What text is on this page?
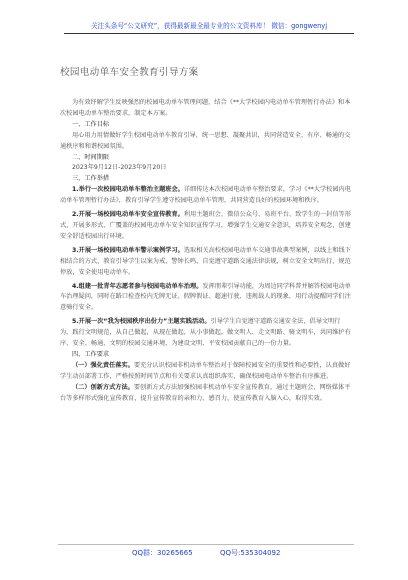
关注头条号“公文研究”，获得最新最全最专业的公文资料库！ 微信：gongwenyj
校园电动单车安全教育引导方案

为有效纾解学生反映强烈的校园电动单车管理问题，结合《**大学校园内电动单车管理暂行办法》和本次校园电动单车整治要求，制定本方案。

一、工作目标

用心用力用情做好学生校园电动单车教育引导，统一思想、凝聚共识，共同营造安全、有序、畅通的交通秩序和和谐校园氛围。

二、时间期限

2023年9月12日-2023年9月20日

三、工作举措

1.举行一次校园电动单车整治主题班会。详细传达本次校园电动单车整治要求，学习《**大学校园内电动单车管理暂行办法》，教育引导学生遵守校园电动单车管理，共同营造良好的校园环境和秩序。

2.开展一场校园电动单车安全宣传教育。利用主题班会，微信公众号、易班平台、致学生的一封信等形式，开展多形式、广覆盖的校园电动单车安全知识宣传学习，增强学生交通安全意识，培养安全观念，创建安全舒适校园出行环境。

3.开展一场校园电动单车警示案例学习。选取相关高校校园电动单车交通事故典型案例，以线上和线下相结合的方式，教育引导学生以案为戒、警钟长鸣，自觉遵守道路交通法律法规，树立安全文明出行，规范停放，安全使用电动单车。

4.组建一批青年志愿者参与校园电动单车治理。发挥朋辈引导功能，为周边同学科普并解答校园电动单车治理疑问，同时在路口检查校内无牌无证、假牌假证、超速行驶、违规载人的现象，用行动提醒同学们注意骑行安全。

5.开展一次“我为校园秩序出份力”主题实践活动。引导学生自觉遵守道路交通安全法，倡导文明行为，践行文明规范，从自己做起，从现在做起，从小事做起，做文明人、走文明路、骑文明车，共同维护有序、安全、畅通、文明的校园交通环境，为建设文明、平安校园贡献自己的一份力量。

四、工作要求

（一）强化责任落实。要充分认识校园非机动单车整治对于保障校园安全的重要性和必要性，认真做好学生动员部署工作，严格按照时间节点和有关要求认真组织落实，确保校园电动单车整治有序推进。

（二）创新方式方法。要创新方式方法加强校园非机动单车安全宣传教育，通过主题班会、网络媒体平台等多样形式强化宣传教育，提升宣传教育的亲和力、感召力，使宣传教育入脑入心，取得实效。

QQ群：30265665	QQ号:535304092
